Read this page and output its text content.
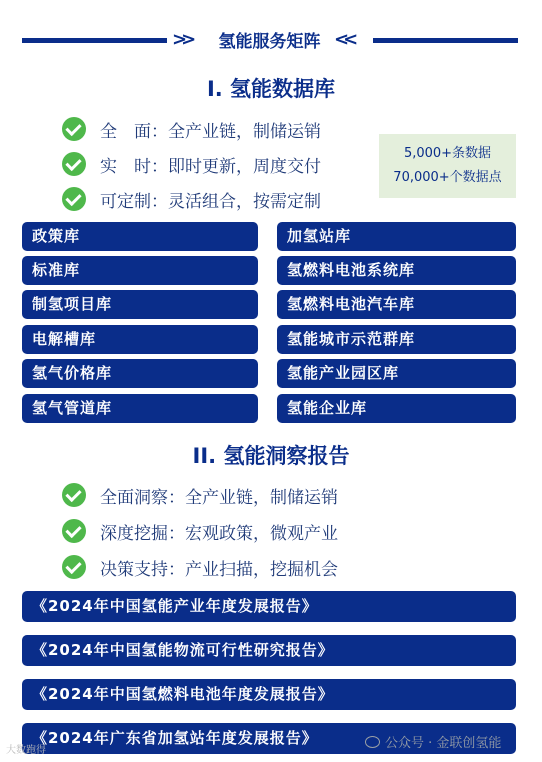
>>	氢能服务矩阵 <<
I. 氢能数据库
全　面：全产业链，制储运销
实　时：即时更新，周度交付
可定制：灵活组合，按需定制
5,000+条数据
70,000+个数据点
政策库
标准库
制氢项目库
电解槽库
氢气价格库
氢气管道库
加氢站库
氢燃料电池系统库
氢燃料电池汽车库
氢能城市示范群库
氢能产业园区库
氢能企业库
II. 氢能洞察报告
全面洞察：全产业链，制储运销
深度挖掘：宏观政策，微观产业
决策支持：产业扫描，挖掘机会
《2024年中国氢能产业年度发展报告》
《2024年中国氢能物流可行性研究报告》
《2024年中国氢燃料电池年度发展报告》
《2024年广东省加氢站年度发展报告》
大数跑得	公众号 · 金联创氢能
